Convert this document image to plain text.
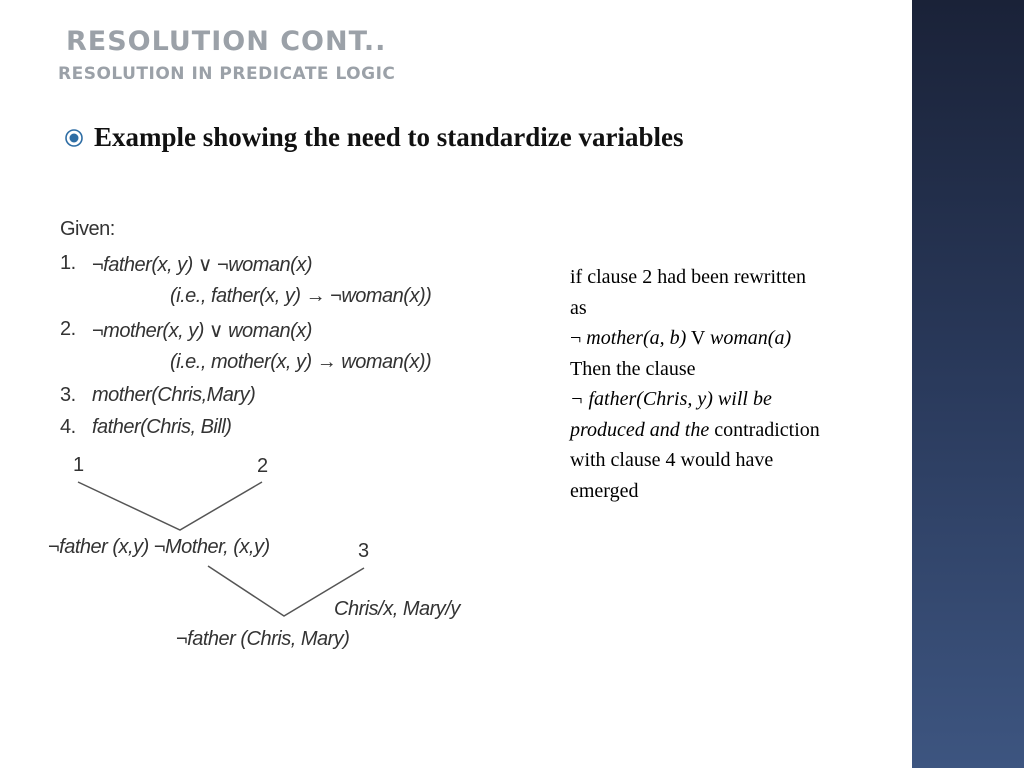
RESOLUTION CONT..
RESOLUTION IN PREDICATE LOGIC
Example showing the need to standardize variables
Given:
1. ¬father(x, y) ∨ ¬woman(x)
(i.e., father(x, y) → ¬woman(x))
2. ¬mother(x, y) ∨ woman(x)
(i.e., mother(x, y) → woman(x))
3. mother(Chris,Mary)
4. father(Chris, Bill)
1	2
¬father (x,y) ¬Mother, (x,y)	3
Chris/x, Mary/y
¬father (Chris, Mary)
if clause 2 had been rewritten
as
¬ mother(a, b) V woman(a)
Then the clause
¬ father(Chris, y) will be
produced and the contradiction
with clause 4 would have
emerged
